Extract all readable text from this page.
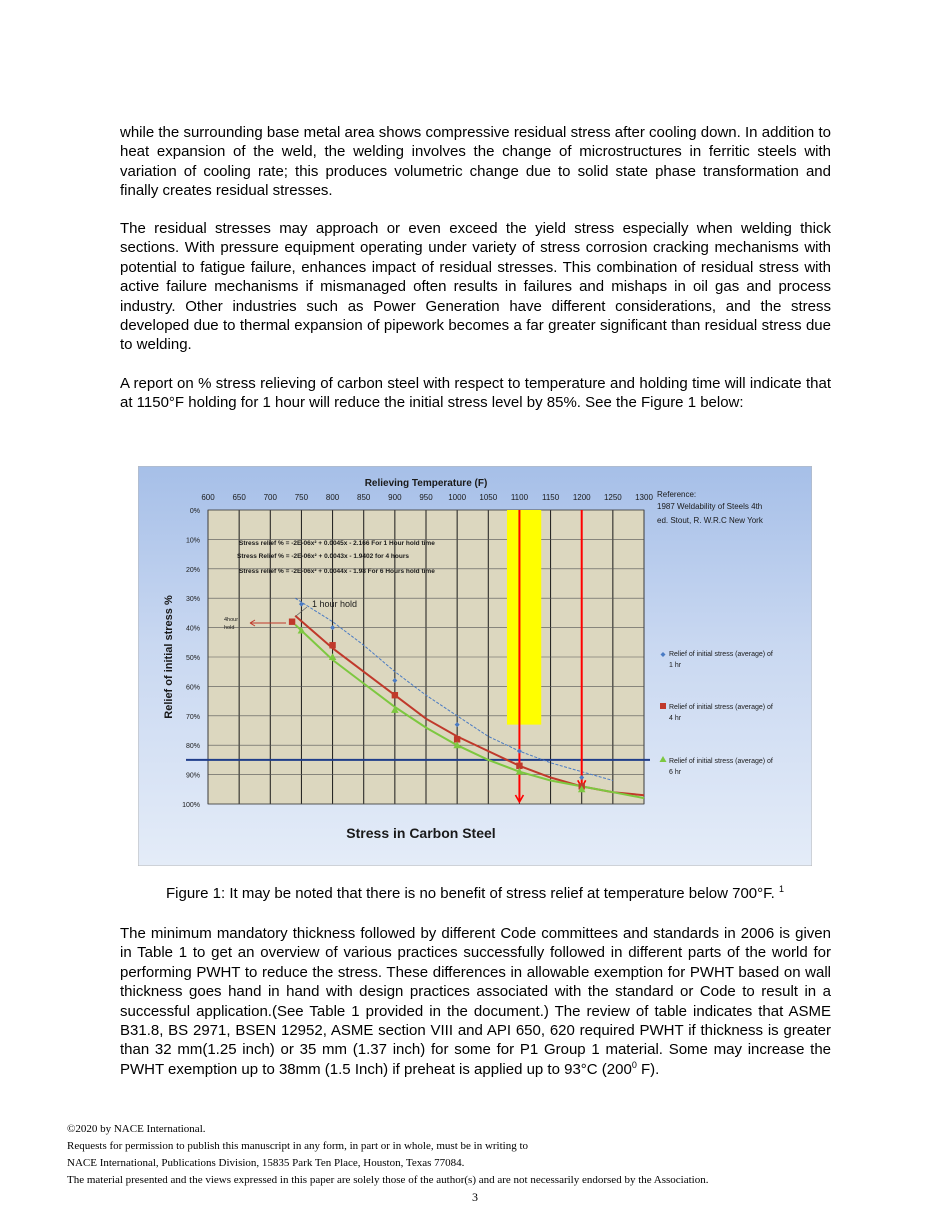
while the surrounding base metal area shows compressive residual stress after cooling down. In addition to heat expansion of the weld, the welding involves the change of microstructures in ferritic steels with variation of cooling rate; this produces volumetric change due to solid state phase transformation and finally creates residual stresses.

The residual stresses may approach or even exceed the yield stress especially when welding thick sections. With pressure equipment operating under variety of stress corrosion cracking mechanisms with potential to fatigue failure, enhances impact of residual stresses. This combination of residual stress with active failure mechanisms if mismanaged often results in failures and mishaps in oil gas and process industry. Other industries such as Power Generation have different considerations, and the stress developed due to thermal expansion of pipework becomes a far greater significant than residual stress due to welding.

A report on % stress relieving of carbon steel with respect to temperature and holding time will indicate that at 1150°F holding for 1 hour will reduce the initial stress level by 85%. See the Figure 1 below:

600 650 700 750 800 850 900 950 1000 1050 1100 1150 1200 1250 1300
0%
10%
20%
30%
40%
50%
60%
70%
80%
90%
100%
Relieving Temperature (F)
Relief of initial stress %
Stress in Carbon Steel
Reference:
1987 Weldability of Steels 4th
ed. Stout, R. W.R.C New York
Stress relief % = -2E-06x² + 0.0045x - 2.166 For 1 Hour hold time
Stress Relief % = -2E-06x² + 0.0043x - 1.9402 for 4 hours
Stress relief % = -2E-06x² + 0.0044x - 1.98 For 6 Hours hold time
1 hour hold
4hour
hold
Relief of initial stress (average) of
1 hr
Relief of initial stress (average) of
4 hr
Relief of initial stress (average) of
6 hr

Figure 1: It may be noted that there is no benefit of stress relief at temperature below 700°F. $^1$

The minimum mandatory thickness followed by different Code committees and standards in 2006 is given in Table 1 to get an overview of various practices successfully followed in different parts of the world for performing PWHT to reduce the stress. These differences in allowable exemption for PWHT based on wall thickness goes hand in hand with design practices associated with the standard or Code to result in a successful application.(See Table 1 provided in the document.) The review of table indicates that ASME B31.8, BS 2971, BSEN 12952, ASME section VIII and API 650, 620 required PWHT if thickness is greater than 32 mm(1.25 inch) or 35 mm (1.37 inch) for some for P1 Group 1 material. Some may increase the PWHT exemption up to 38mm (1.5 Inch) if preheat is applied up to 93°C ($200^0$ F).

©2020 by NACE International.
Requests for permission to publish this manuscript in any form, in part or in whole, must be in writing to
NACE International, Publications Division, 15835 Park Ten Place, Houston, Texas 77084.
The material presented and the views expressed in this paper are solely those of the author(s) and are not necessarily endorsed by the Association.
3
